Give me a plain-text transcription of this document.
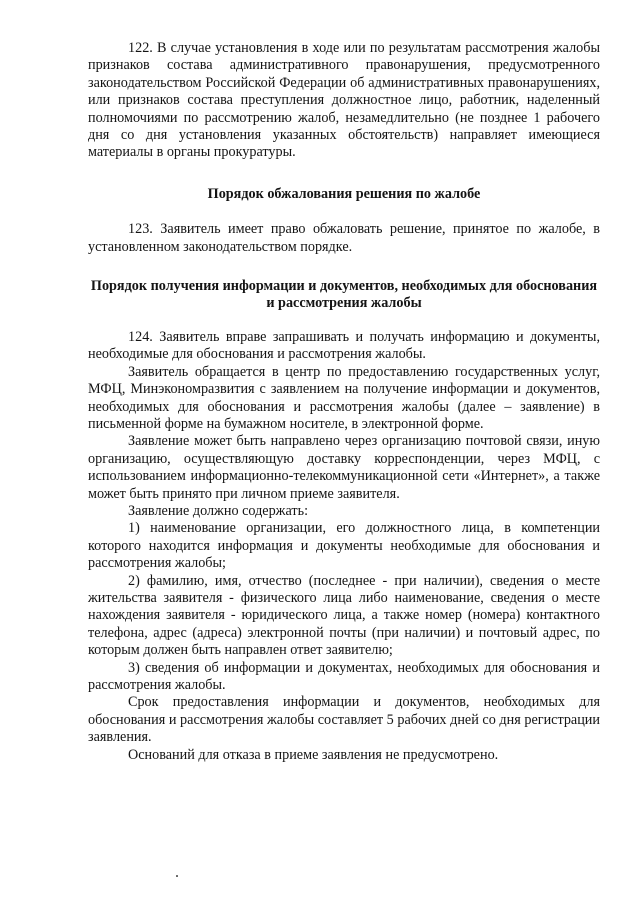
122. В случае установления в ходе или по результатам рассмотрения жалобы признаков состава административного правонарушения, предусмотренного законодательством Российской Федерации об административных правонарушениях, или признаков состава преступления должностное лицо, работник, наделенный полномочиями по рассмотрению жалоб, незамедлительно (не позднее 1 рабочего дня со дня установления указанных обстоятельств) направляет имеющиеся материалы в органы прокуратуры.

Порядок обжалования решения по жалобе

123. Заявитель имеет право обжаловать решение, принятое по жалобе, в установленном законодательством порядке.

Порядок получения информации и документов, необходимых для обоснования и рассмотрения жалобы

124. Заявитель вправе запрашивать и получать информацию и документы, необходимые для обоснования и рассмотрения жалобы.

Заявитель обращается в центр по предоставлению государственных услуг, МФЦ, Минэкономразвития с заявлением на получение информации и документов, необходимых для обоснования и рассмотрения жалобы (далее – заявление) в письменной форме на бумажном носителе, в электронной форме.

Заявление может быть направлено через организацию почтовой связи, иную организацию, осуществляющую доставку корреспонденции, через МФЦ, с использованием информационно-телекоммуникационной сети «Интернет», а также может быть принято при личном приеме заявителя.

Заявление должно содержать:

1) наименование организации, его должностного лица, в компетенции которого находится информация и документы необходимые для обоснования и рассмотрения жалобы;

2) фамилию, имя, отчество (последнее - при наличии), сведения о месте жительства заявителя - физического лица либо наименование, сведения о месте нахождения заявителя - юридического лица, а также номер (номера) контактного телефона, адрес (адреса) электронной почты (при наличии) и почтовый адрес, по которым должен быть направлен ответ заявителю;

3) сведения об информации и документах, необходимых для обоснования и рассмотрения жалобы.

Срок предоставления информации и документов, необходимых для обоснования и рассмотрения жалобы составляет 5 рабочих дней со дня регистрации заявления.

Оснований для отказа в приеме заявления не предусмотрено.
